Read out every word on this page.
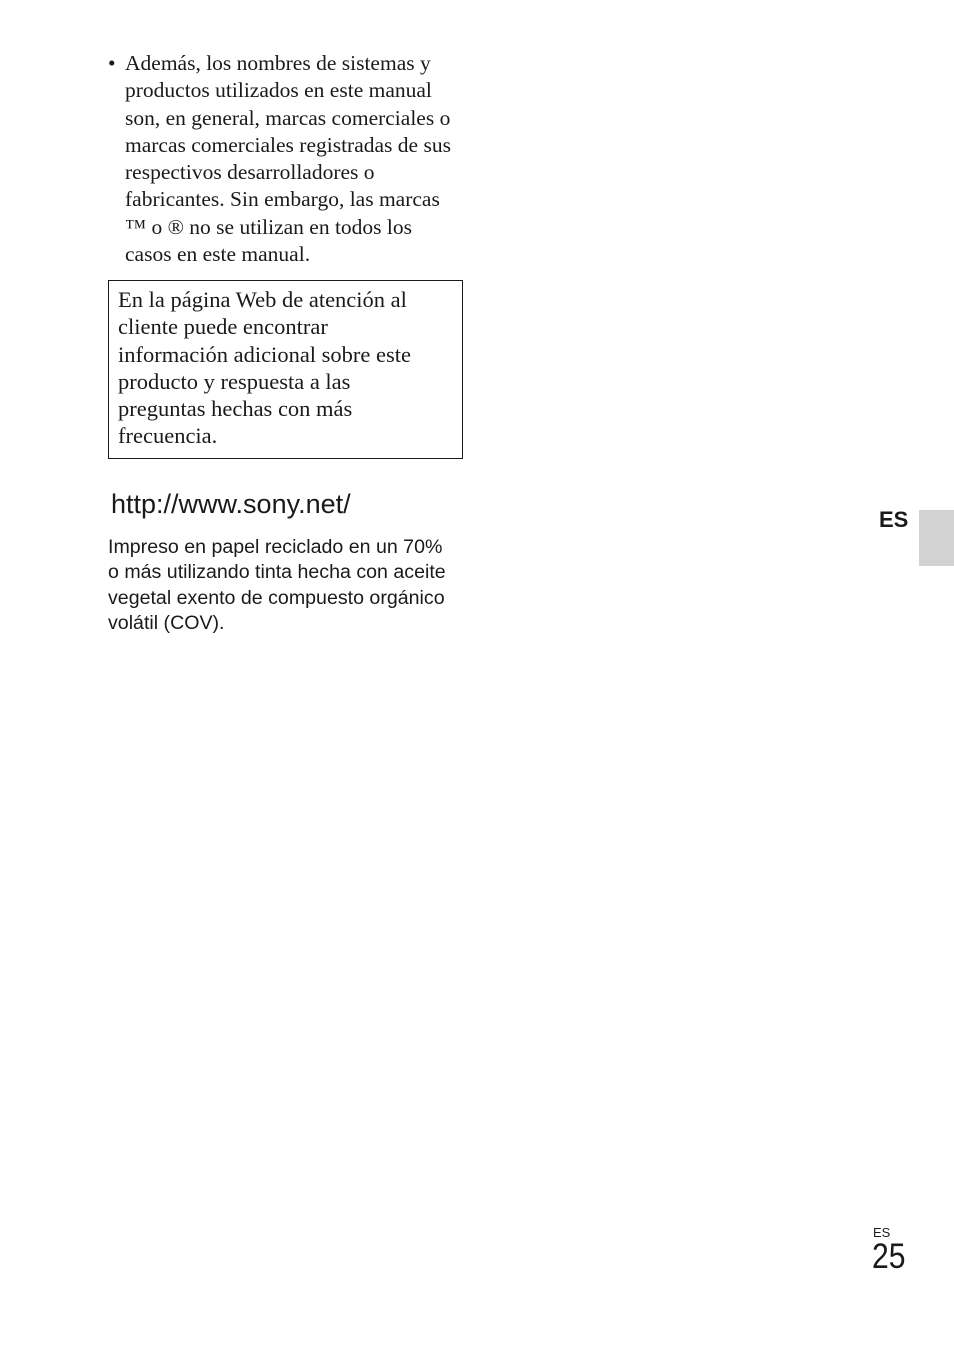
• Además, los nombres de sistemas y
productos utilizados en este manual
son, en general, marcas comerciales o
marcas comerciales registradas de sus
respectivos desarrolladores o
fabricantes. Sin embargo, las marcas
™ o ® no se utilizan en todos los
casos en este manual.
En la página Web de atención al
cliente puede encontrar
información adicional sobre este
producto y respuesta a las
preguntas hechas con más
frecuencia.
http://www.sony.net/
Impreso en papel reciclado en un 70%
o más utilizando tinta hecha con aceite
vegetal exento de compuesto orgánico
volátil (COV).
ES
ES
25
